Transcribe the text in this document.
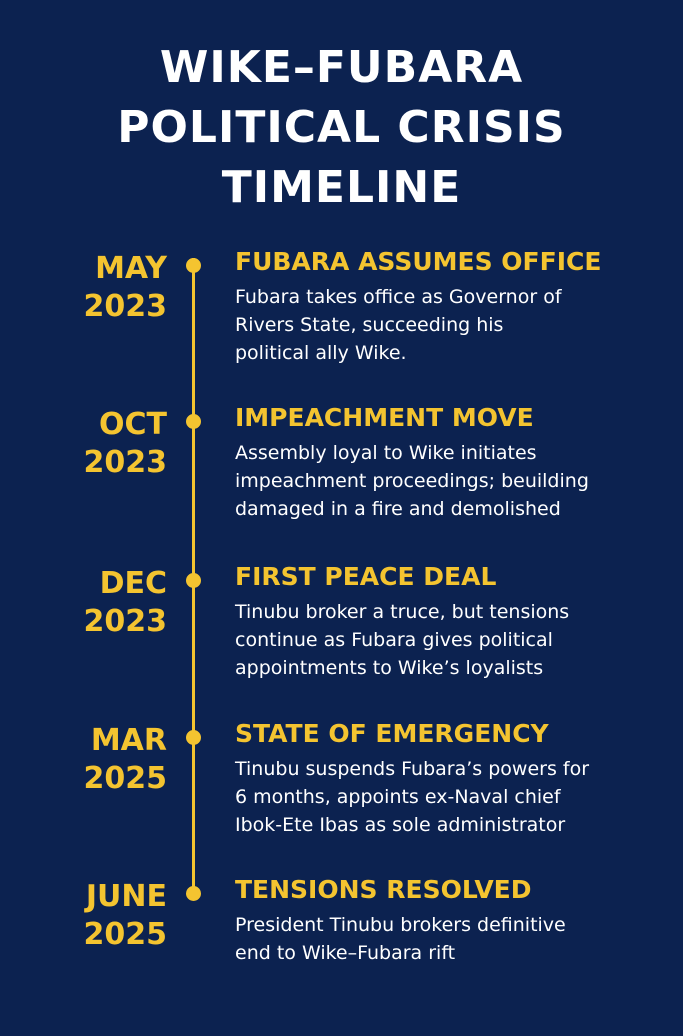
WIKE–FUBARA
POLITICAL CRISIS
TIMELINE
MAY
2023
FUBARA ASSUMES OFFICE
Fubara takes office as Governor of
Rivers State, succeeding his
political ally Wike.
OCT
2023
IMPEACHMENT MOVE
Assembly loyal to Wike initiates
impeachment proceedings; beuilding
damaged in a fire and demolished
DEC
2023
FIRST PEACE DEAL
Tinubu broker a truce, but tensions
continue as Fubara gives political
appointments to Wike’s loyalists
MAR
2025
STATE OF EMERGENCY
Tinubu suspends Fubara’s powers for
6 months, appoints ex-Naval chief
Ibok-Ete Ibas as sole administrator
JUNE
2025
TENSIONS RESOLVED
President Tinubu brokers definitive
end to Wike–Fubara rift
